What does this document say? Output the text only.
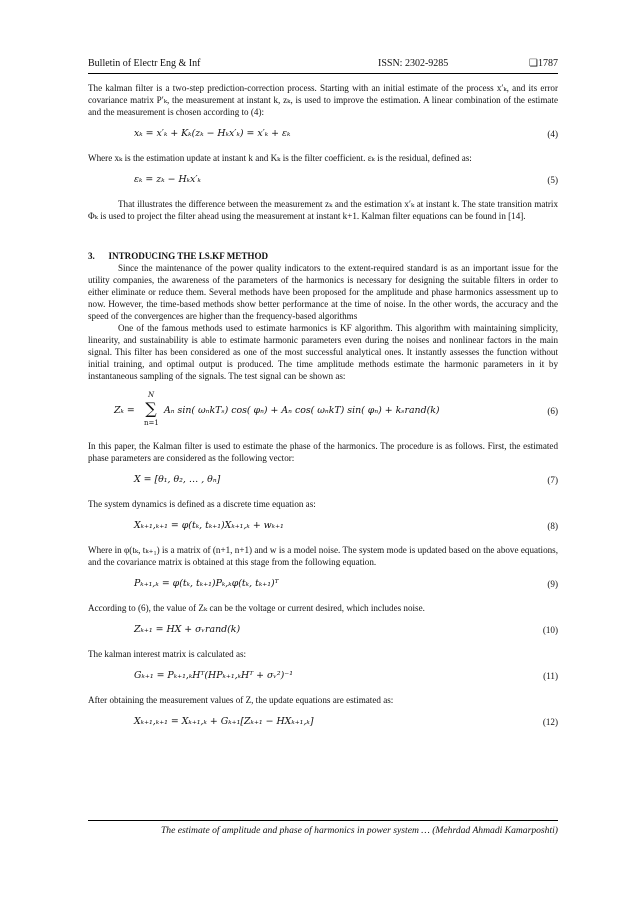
Bulletin of Electr Eng & Inf	ISSN: 2302-9285	❏1787

The kalman filter is a two-step prediction-correction process. Starting with an initial estimate of the process x′ₖ, and its error covariance matrix P′ₖ, the measurement at instant k, zₖ, is used to improve the estimation. A linear combination of the estimate and the measurement is chosen according to (4):

xₖ = x′ₖ + Kₖ(zₖ − Hₖx′ₖ) = x′ₖ + εₖ	(4)

Where xₖ is the estimation update at instant k and Kₖ is the filter coefficient. εₖ is the residual, defined as:

εₖ = zₖ − Hₖx′ₖ	(5)

That illustrates the difference between the measurement zₖ and the estimation x′ₖ at instant k. The state transition matrix Φₖ is used to project the filter ahead using the measurement at instant k+1. Kalman filter equations can be found in [14].

3.      INTRODUCING THE LS.KF METHOD

Since the maintenance of the power quality indicators to the extent-required standard is as an important issue for the utility companies, the awareness of the parameters of the harmonics is necessary for designing the suitable filters in order to either eliminate or reduce them. Several methods have been proposed for the amplitude and phase harmonics assessment up to now. However, the time-based methods show better performance at the time of noise. In the other words, the accuracy and the speed of the convergences are higher than the frequency-based algorithms

One of the famous methods used to estimate harmonics is KF algorithm. This algorithm with maintaining simplicity, linearity, and sustainability is able to estimate harmonic parameters even during the noises and nonlinear factors in the main signal. This filter has been considered as one of the most successful analytical ones. It instantly assesses the function without initial training, and optimal output is produced. The time amplitude methods estimate the harmonic parameters in it by instantaneous sampling of the signals. The test signal can be shown as:

Zₖ =
N
∑
n=1
Aₙ sin( ωₙkTₛ) cos( φₙ) + Aₙ cos( ωₙkT) sin( φₙ) + kₛrand(k)	(6)

In this paper, the Kalman filter is used to estimate the phase of the harmonics. The procedure is as follows. First, the estimated phase parameters are considered as the following vector:

X = [θ₁, θ₂, … , θₙ]	(7)

The system dynamics is defined as a discrete time equation as:

Xₖ₊₁,ₖ₊₁ = φ(tₖ, tₖ₊₁)Xₖ₊₁,ₖ + wₖ₊₁	(8)

Where in φ(tₖ, tₖ₊₁) is a matrix of (n+1, n+1) and w is a model noise. The system mode is updated based on the above equations, and the covariance matrix is obtained at this stage from the following equation.

Pₖ₊₁,ₖ = φ(tₖ, tₖ₊₁)Pₖ,ₖφ(tₖ, tₖ₊₁)ᵀ	(9)

According to (6), the value of Zₖ can be the voltage or current desired, which includes noise.

Zₖ₊₁ = HX + σᵥrand(k)	(10)

The kalman interest matrix is calculated as:

Gₖ₊₁ = Pₖ₊₁,ₖHᵀ(HPₖ₊₁,ₖHᵀ + σᵥ²)⁻¹	(11)

After obtaining the measurement values of Z, the update equations are estimated as:

Xₖ₊₁,ₖ₊₁ = Xₖ₊₁,ₖ + Gₖ₊₁[Zₖ₊₁ − HXₖ₊₁,ₖ]	(12)
The estimate of amplitude and phase of harmonics in power system … (Mehrdad Ahmadi Kamarposhti)
